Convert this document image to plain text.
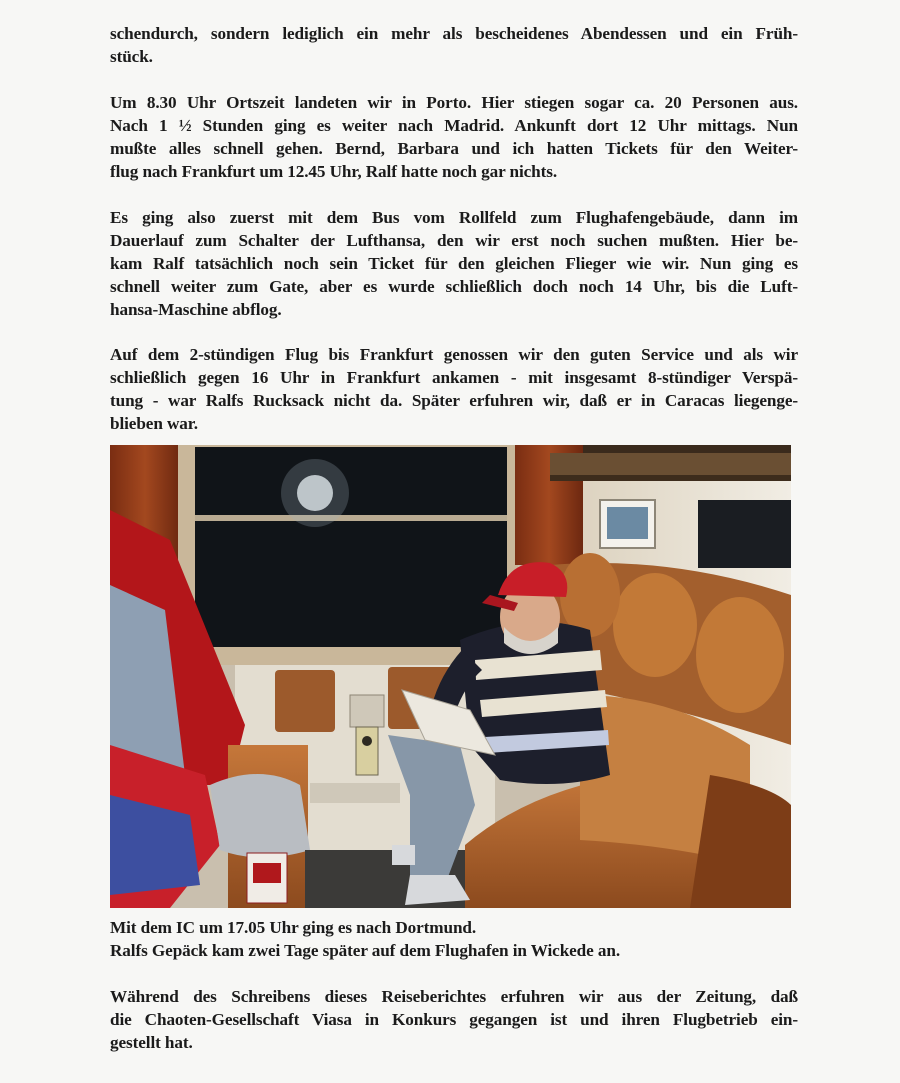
schendurch, sondern lediglich ein mehr als bescheidenes Abendessen und ein Früh-
stück.

Um 8.30 Uhr Ortszeit landeten wir in Porto. Hier stiegen sogar ca. 20 Personen aus.
Nach 1 ½ Stunden ging es weiter nach Madrid. Ankunft dort 12 Uhr mittags. Nun
mußte alles schnell gehen. Bernd, Barbara und ich hatten Tickets für den Weiter-
flug nach Frankfurt um 12.45 Uhr, Ralf hatte noch gar nichts.

Es ging also zuerst mit dem Bus vom Rollfeld zum Flughafengebäude, dann im
Dauerlauf zum Schalter der Lufthansa, den wir erst noch suchen mußten. Hier be-
kam Ralf tatsächlich noch sein Ticket für den gleichen Flieger wie wir. Nun ging es
schnell weiter zum Gate, aber es wurde schließlich doch noch 14 Uhr, bis die Luft-
hansa-Maschine abflog.

Auf dem 2-stündigen Flug bis Frankfurt genossen wir den guten Service und als wir
schließlich gegen 16 Uhr in Frankfurt ankamen - mit insgesamt 8-stündiger Verspä-
tung - war Ralfs Rucksack nicht da. Später erfuhren wir, daß er in Caracas liegenge-
blieben war.

Mit dem IC um 17.05 Uhr ging es nach Dortmund.
Ralfs Gepäck kam zwei Tage später auf dem Flughafen in Wickede an.

Während des Schreibens dieses Reiseberichtes erfuhren wir aus der Zeitung, daß
die Chaoten-Gesellschaft Viasa in Konkurs gegangen ist und ihren Flugbetrieb ein-
gestellt hat.
